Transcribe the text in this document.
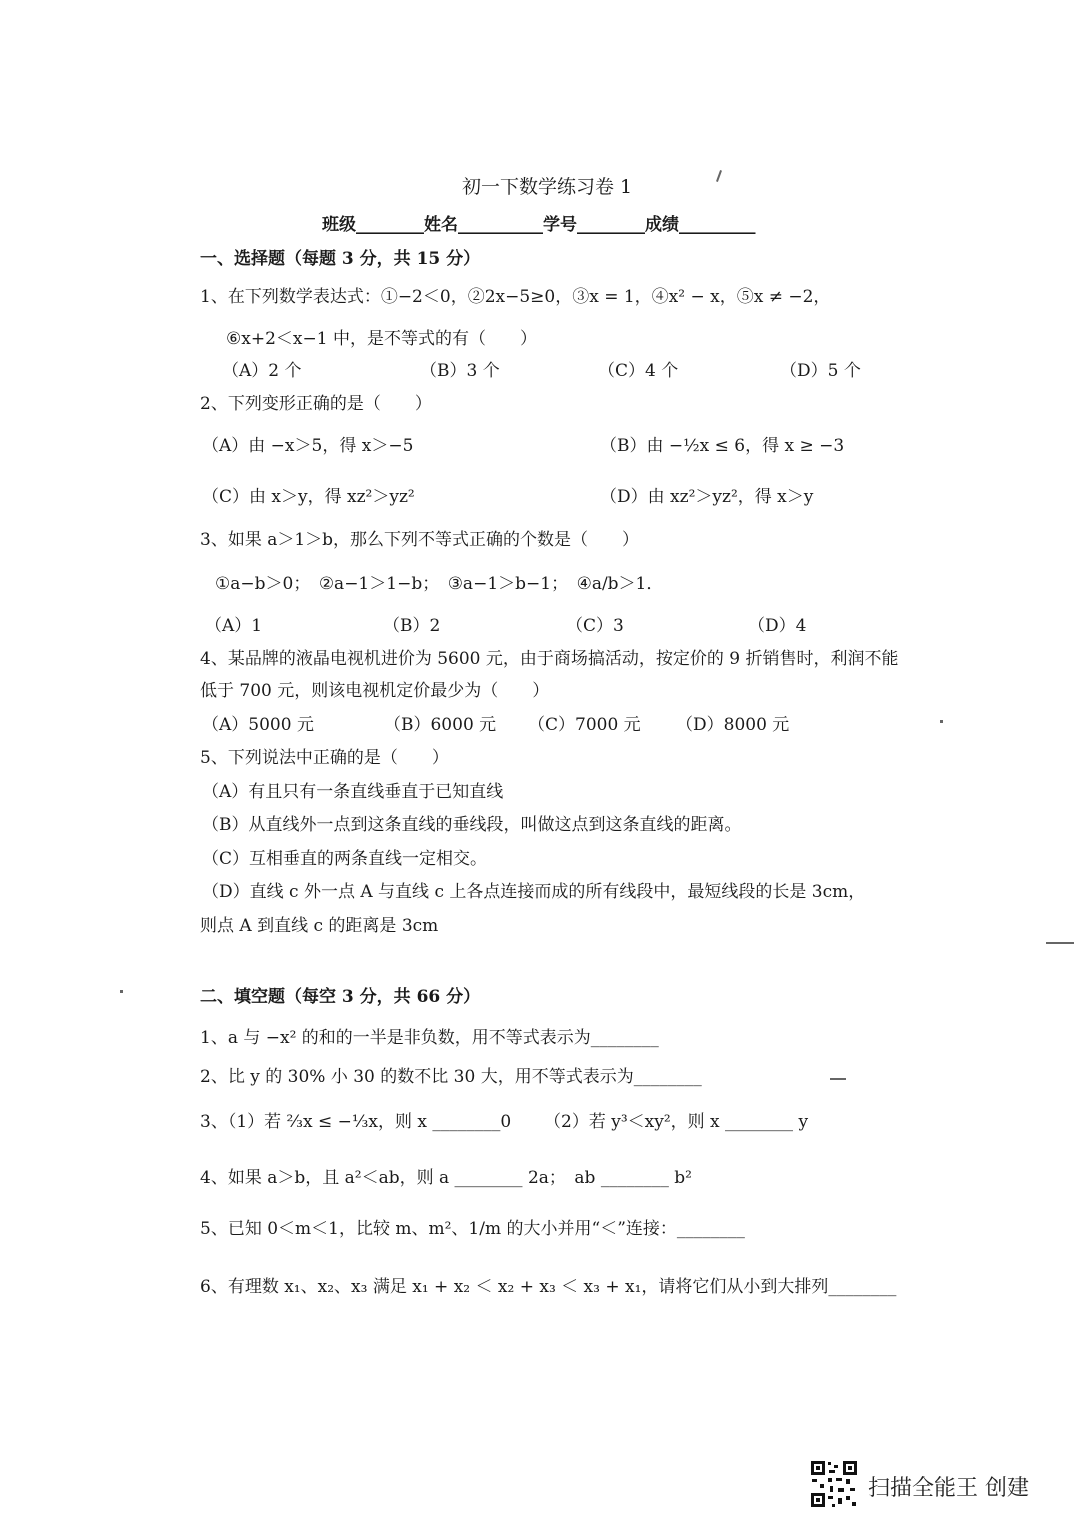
初一下数学练习卷 1
班级________姓名__________学号________成绩_________
一、选择题（每题 3 分，共 15 分）
1、在下列数学表达式：①−2＜0，②2x−5≥0，③x = 1，④x² − x，⑤x ≠ −2，
⑥x+2＜x−1 中，是不等式的有（　　）
（A）2 个	（B）3 个	（C）4 个	（D）5 个
2、下列变形正确的是（　　）
（A）由 −x＞5，得 x＞−5	（B）由 −½x ≤ 6，得 x ≥ −3
（C）由 x＞y，得 xz²＞yz²	（D）由 xz²＞yz²，得 x＞y
3、如果 a＞1＞b，那么下列不等式正确的个数是（　　）
①a−b＞0；　②a−1＞1−b；　③a−1＞b−1；　④a/b＞1．
（A）1	（B）2	（C）3	（D）4
4、某品牌的液晶电视机进价为 5600 元，由于商场搞活动，按定价的 9 折销售时，利润不能
低于 700 元，则该电视机定价最少为（　　）
（A）5000 元	（B）6000 元 （C）7000 元 （D）8000 元
5、下列说法中正确的是（　　）
（A）有且只有一条直线垂直于已知直线
（B）从直线外一点到这条直线的垂线段，叫做这点到这条直线的距离。
（C）互相垂直的两条直线一定相交。
（D）直线 c 外一点 A 与直线 c 上各点连接而成的所有线段中，最短线段的长是 3cm，
则点 A 到直线 c 的距离是 3cm
二、填空题（每空 3 分，共 66 分）
1、a 与 −x² 的和的一半是非负数，用不等式表示为________
2、比 y 的 30% 小 30 的数不比 30 大，用不等式表示为________
3、（1）若 ⅔x ≤ −⅓x，则 x ________0 （2）若 y³＜xy²，则 x ________ y
4、如果 a＞b，且 a²＜ab，则 a ________ 2a；　ab ________ b²
5、已知 0＜m＜1，比较 m、m²、1/m 的大小并用“＜”连接：________
6、有理数 x₁、x₂、x₃ 满足 x₁ + x₂ ＜ x₂ + x₃ ＜ x₃ + x₁，请将它们从小到大排列________
扫描全能王 创建
